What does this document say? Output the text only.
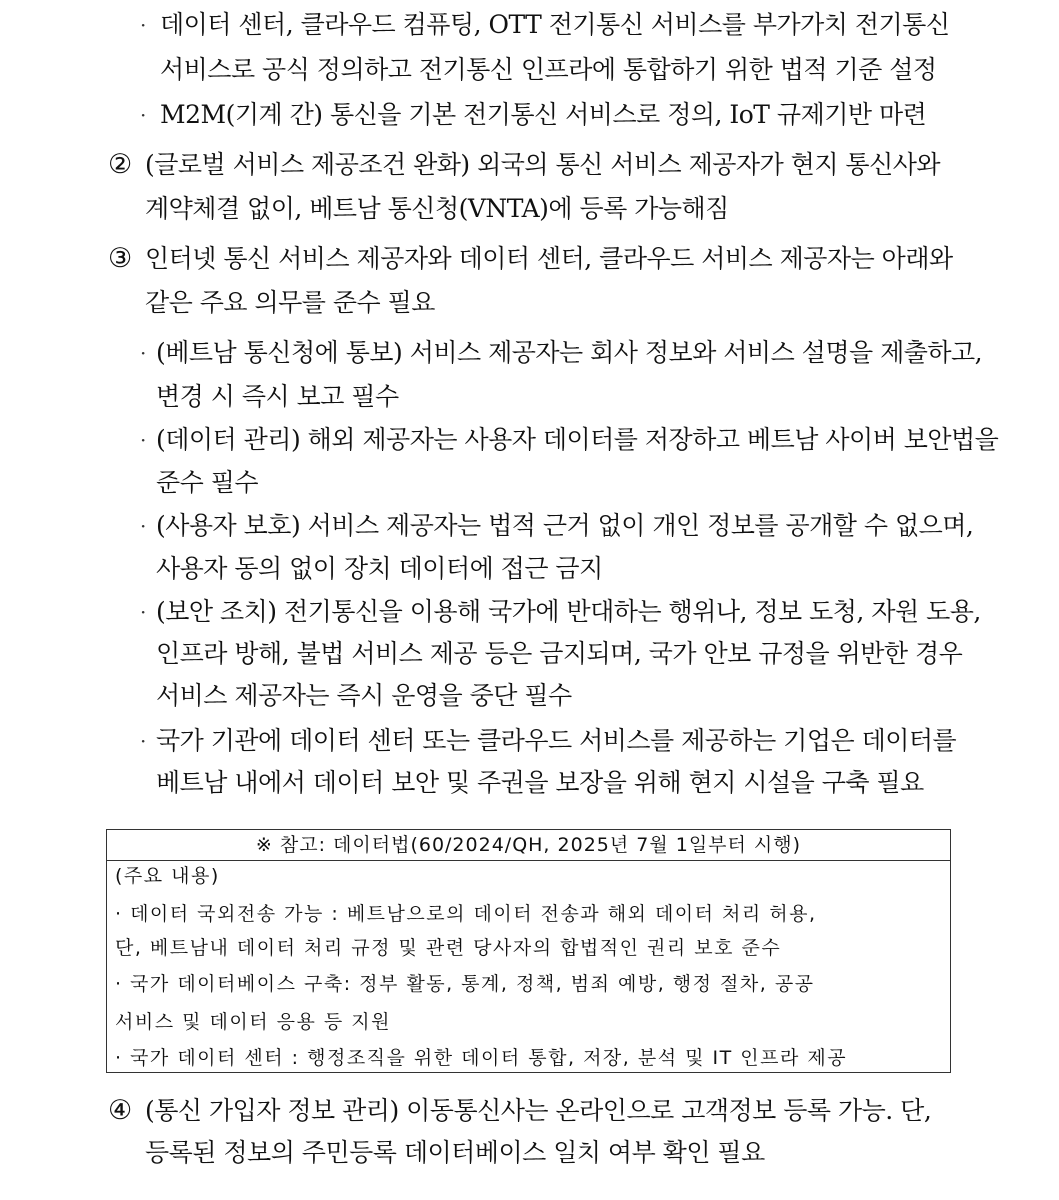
· 데이터 센터, 클라우드 컴퓨팅, OTT 전기통신 서비스를 부가가치 전기통신
서비스로 공식 정의하고 전기통신 인프라에 통합하기 위한 법적 기준 설정
· M2M(기계 간) 통신을 기본 전기통신 서비스로 정의, IoT 규제기반 마련
② (글로벌 서비스 제공조건 완화) 외국의 통신 서비스 제공자가 현지 통신사와
계약체결 없이, 베트남 통신청(VNTA)에 등록 가능해짐
③ 인터넷 통신 서비스 제공자와 데이터 센터, 클라우드 서비스 제공자는 아래와
같은 주요 의무를 준수 필요
· (베트남 통신청에 통보) 서비스 제공자는 회사 정보와 서비스 설명을 제출하고,
변경 시 즉시 보고 필수
· (데이터 관리) 해외 제공자는 사용자 데이터를 저장하고 베트남 사이버 보안법을
준수 필수
· (사용자 보호) 서비스 제공자는 법적 근거 없이 개인 정보를 공개할 수 없으며,
사용자 동의 없이 장치 데이터에 접근 금지
· (보안 조치) 전기통신을 이용해 국가에 반대하는 행위나, 정보 도청, 자원 도용,
인프라 방해, 불법 서비스 제공 등은 금지되며, 국가 안보 규정을 위반한 경우
서비스 제공자는 즉시 운영을 중단 필수
· 국가 기관에 데이터 센터 또는 클라우드 서비스를 제공하는 기업은 데이터를
베트남 내에서 데이터 보안 및 주권을 보장을 위해 현지 시설을 구축 필요
※ 참고: 데이터법(60/2024/QH, 2025년 7월 1일부터 시행)
(주요 내용)
· 데이터 국외전송 가능 : 베트남으로의 데이터 전송과 해외 데이터 처리 허용,
단, 베트남내 데이터 처리 규정 및 관련 당사자의 합법적인 권리 보호 준수
· 국가 데이터베이스 구축: 정부 활동, 통계, 정책, 범죄 예방, 행정 절차, 공공
서비스 및 데이터 응용 등 지원
· 국가 데이터 센터 : 행정조직을 위한 데이터 통합, 저장, 분석 및 IT 인프라 제공
④ (통신 가입자 정보 관리) 이동통신사는 온라인으로 고객정보 등록 가능. 단,
등록된 정보의 주민등록 데이터베이스 일치 여부 확인 필요
